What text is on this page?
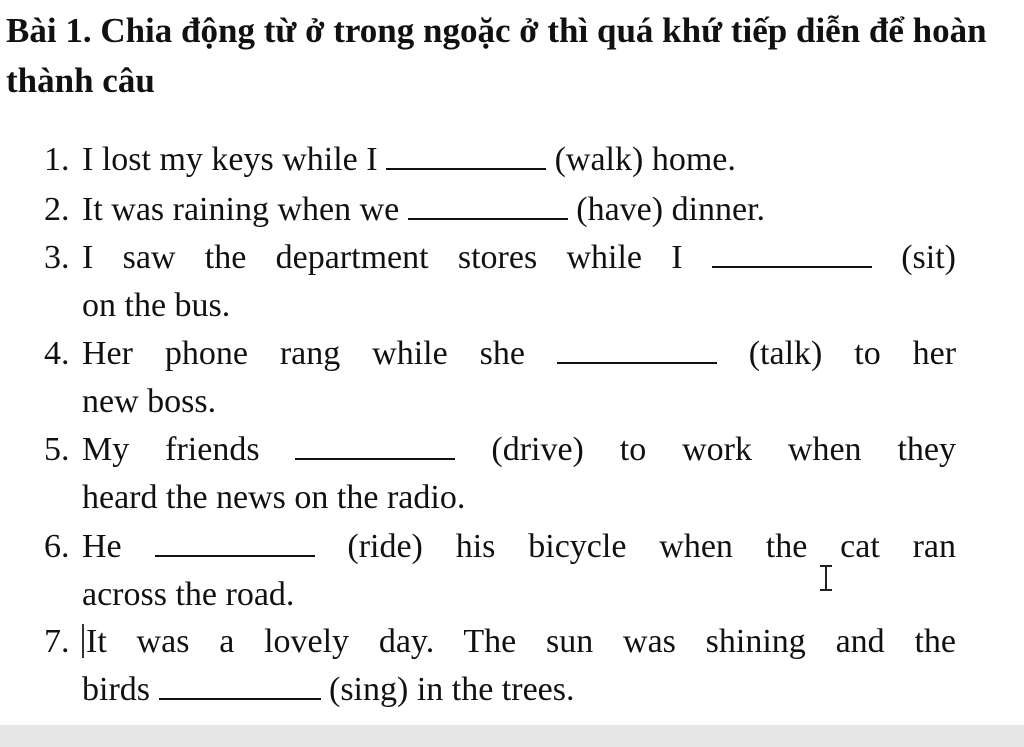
Bài 1. Chia động từ ở trong ngoặc ở thì quá khứ tiếp diễn để hoàn thành câu
1. I lost my keys while I	(walk) home.
2. It was raining when we	(have) dinner.
3. I saw the department stores while I	(sit)
on the bus.
4. Her phone rang while she	(talk) to her
new boss.
5. My friends	(drive) to work when they
heard the news on the radio.
6. He	(ride) his bicycle when the cat ran
across the road.
7. It was a lovely day. The sun was shining and the
birds	(sing) in the trees.
